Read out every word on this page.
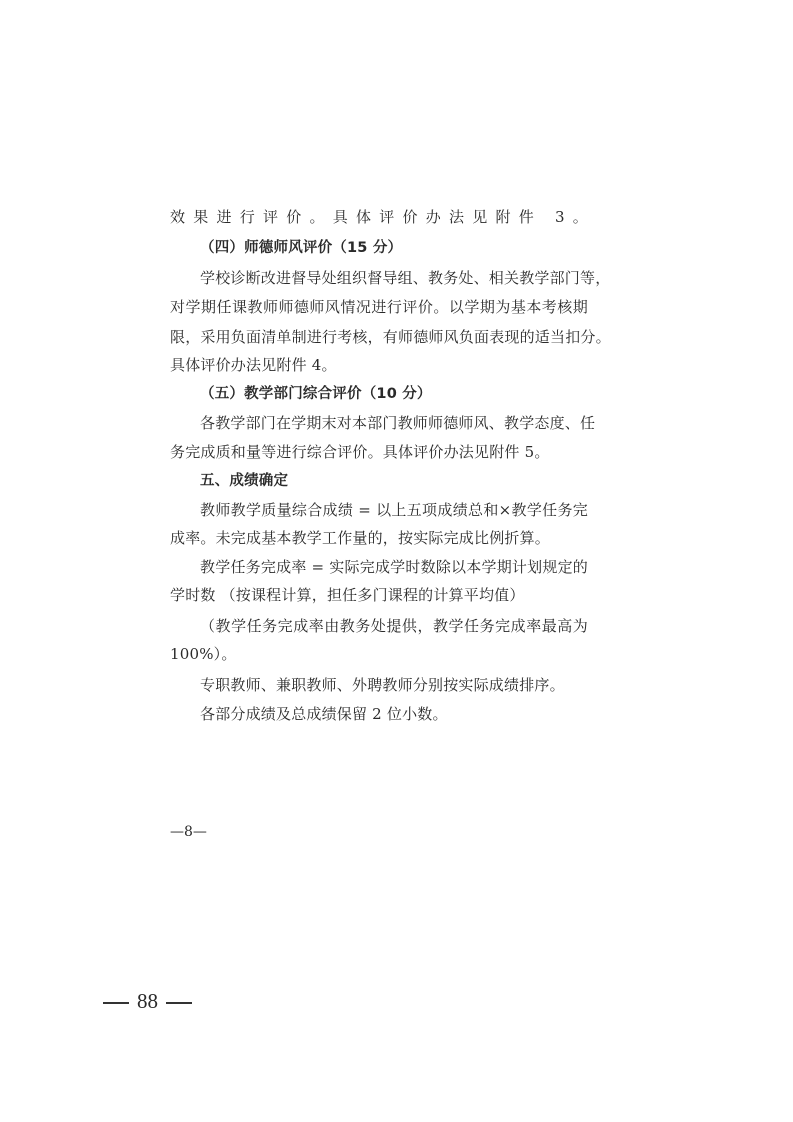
效果进行评价。具体评价办法见附件 3。
（四）师德师风评价（15 分）
学校诊断改进督导处组织督导组、教务处、相关教学部门等，
对学期任课教师师德师风情况进行评价。以学期为基本考核期
限，采用负面清单制进行考核，有师德师风负面表现的适当扣分。
具体评价办法见附件 4。
（五）教学部门综合评价（10 分）
各教学部门在学期末对本部门教师师德师风、教学态度、任
务完成质和量等进行综合评价。具体评价办法见附件 5。
五、成绩确定
教师教学质量综合成绩 = 以上五项成绩总和×教学任务完
成率。未完成基本教学工作量的，按实际完成比例折算。
教学任务完成率 = 实际完成学时数除以本学期计划规定的
学时数 （按课程计算，担任多门课程的计算平均值）
（教学任务完成率由教务处提供，教学任务完成率最高为
100%）。
专职教师、兼职教师、外聘教师分别按实际成绩排序。
各部分成绩及总成绩保留 2 位小数。
—8—
88
